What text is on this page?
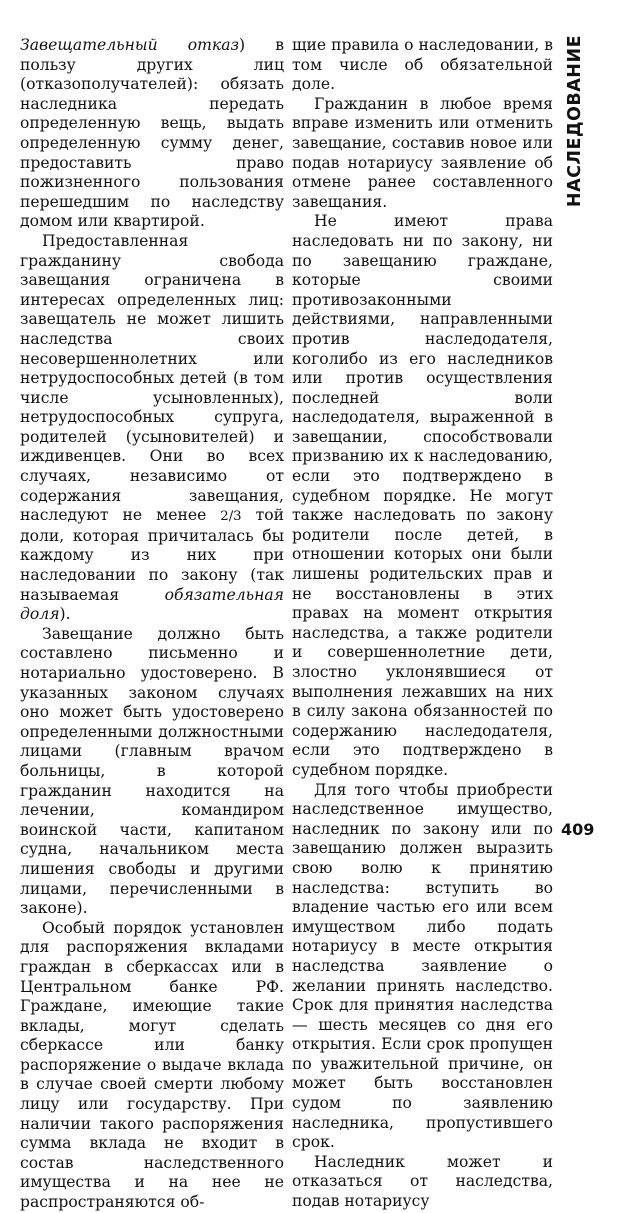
Завещательный отказ) в пользу других лиц (отказополучателей): обязать наследника передать определенную вещь, выдать определенную сумму денег, предоставить право пожизненного пользования перешедшим по наследству домом или квартирой.

Предоставленная гражданину свобода завещания ограничена в интересах определенных лиц: завещатель не может лишить наследства своих несовершеннолетних или нетрудоспособных детей (в том числе усыновленных), нетрудоспособных супруга, родителей (усыновителей) и иждивенцев. Они во всех случаях, независимо от содержания завещания, наследуют не менее 2/3 той доли, которая причиталась бы каждому из них при наследовании по закону (так называемая обязательная доля).

Завещание должно быть составлено письменно и нотариально удостоверено. В указанных законом случаях оно может быть удостоверено определенными должностными лицами (главным врачом больницы, в которой гражданин находится на лечении, командиром воинской части, капитаном судна, начальником места лишения свободы и другими лицами, перечисленными в законе).

Особый порядок установлен для распоряжения вкладами граждан в сберкассах или в Центральном банке РФ. Граждане, имеющие такие вклады, могут сделать сберкассе или банку распоряжение о выдаче вклада в случае своей смерти любому лицу или государству. При наличии такого распоряжения сумма вклада не входит в состав наследственного имущества и на нее не распространяются об-

щие правила о наследовании, в том числе об обязательной доле.

Гражданин в любое время вправе изменить или отменить завещание, составив новое или подав нотариусу заявление об отмене ранее составленного завещания.

Не имеют права наследовать ни по закону, ни по завещанию граждане, которые своими противозаконными действиями, направленными против наследодателя, коголибо из его наследников или против осуществления последней воли наследодателя, выраженной в завещании, способствовали призванию их к наследованию, если это подтверждено в судебном порядке. Не могут также наследовать по закону родители после детей, в отношении которых они были лишены родительских прав и не восстановлены в этих правах на момент открытия наследства, а также родители и совершеннолетние дети, злостно уклонявшиеся от выполнения лежавших на них в силу закона обязанностей по содержанию наследодателя, если это подтверждено в судебном порядке.

Для того чтобы приобрести наследственное имущество, наследник по закону или по завещанию должен выразить свою волю к принятию наследства: вступить во владение частью его или всем имуществом либо подать нотариусу в месте открытия наследства заявление о желании принять наследство. Срок для принятия наследства — шесть месяцев со дня его открытия. Если срок пропущен по уважительной причине, он может быть восстановлен судом по заявлению наследника, пропустившего срок.

Наследник может и отказаться от наследства, подав нотариусу

НАСЛЕДОВАНИЕ
409
